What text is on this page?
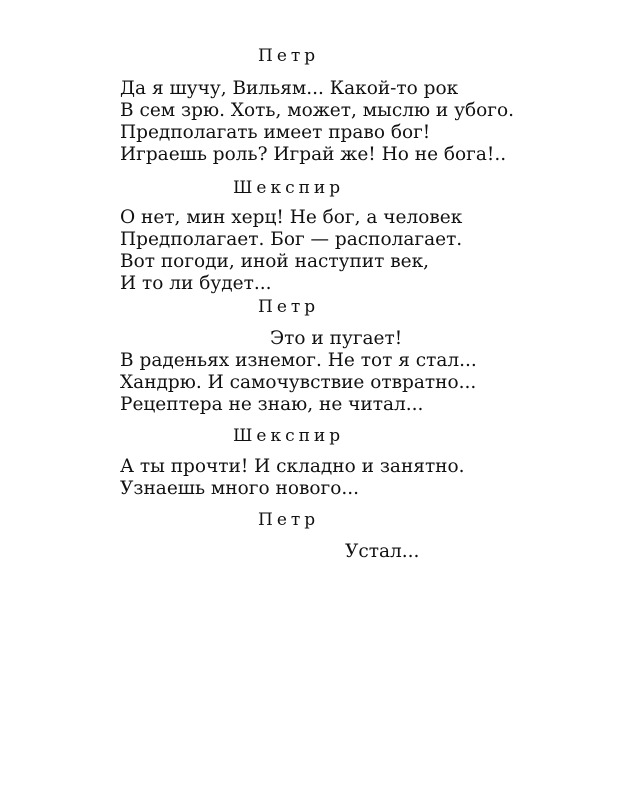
Петр
Да я шучу, Вильям... Какой-то рок
В сем зрю. Хоть, может, мыслю и убого.
Предполагать имеет право бог!
Играешь роль? Играй же! Но не бога!..
Шекспир
О нет, мин херц! Не бог, а человек
Предполагает. Бог — располагает.
Вот погоди, иной наступит век,
И то ли будет...
Петр
Это и пугает!
В раденьях изнемог. Не тот я стал...
Хандрю. И самочувствие отвратно...
Рецептера не знаю, не читал...
Шекспир
А ты прочти! И складно и занятно.
Узнаешь много нового...
Петр
Устал...
